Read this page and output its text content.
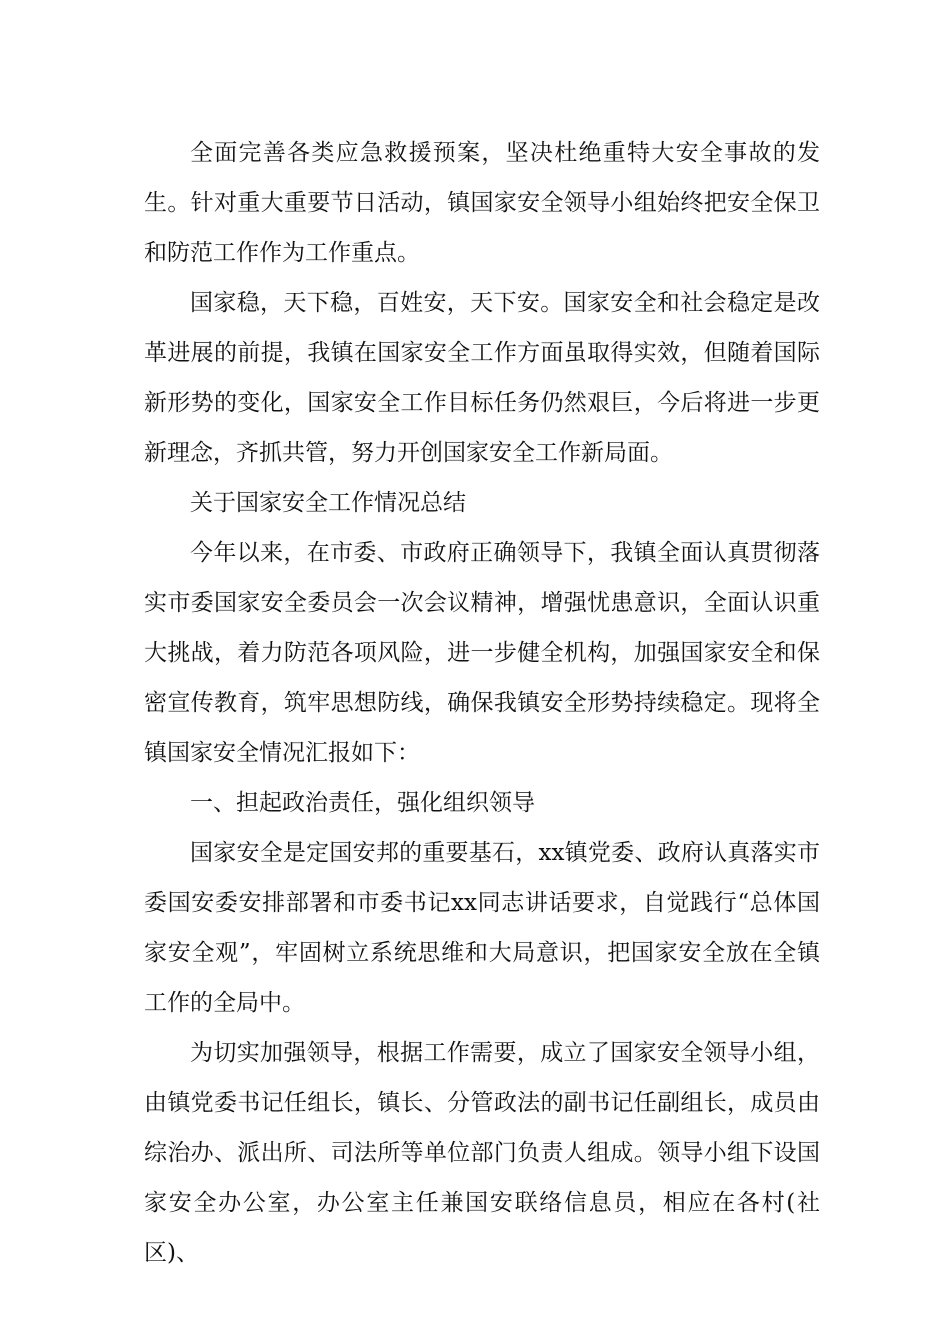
全面完善各类应急救援预案，坚决杜绝重特大安全事故的发生。针对重大重要节日活动，镇国家安全领导小组始终把安全保卫和防范工作作为工作重点。

国家稳，天下稳，百姓安，天下安。国家安全和社会稳定是改革进展的前提，我镇在国家安全工作方面虽取得实效，但随着国际新形势的变化，国家安全工作目标任务仍然艰巨，今后将进一步更新理念，齐抓共管，努力开创国家安全工作新局面。

关于国家安全工作情况总结

今年以来，在市委、市政府正确领导下，我镇全面认真贯彻落实市委国家安全委员会一次会议精神，增强忧患意识，全面认识重大挑战，着力防范各项风险，进一步健全机构，加强国家安全和保密宣传教育，筑牢思想防线，确保我镇安全形势持续稳定。现将全镇国家安全情况汇报如下：

一、担起政治责任，强化组织领导

国家安全是定国安邦的重要基石，xx镇党委、政府认真落实市委国安委安排部署和市委书记xx同志讲话要求，自觉践行“总体国家安全观”，牢固树立系统思维和大局意识，把国家安全放在全镇工作的全局中。

为切实加强领导，根据工作需要，成立了国家安全领导小组，由镇党委书记任组长，镇长、分管政法的副书记任副组长，成员由综治办、派出所、司法所等单位部门负责人组成。领导小组下设国家安全办公室，办公室主任兼国安联络信息员，相应在各村(社区)、
